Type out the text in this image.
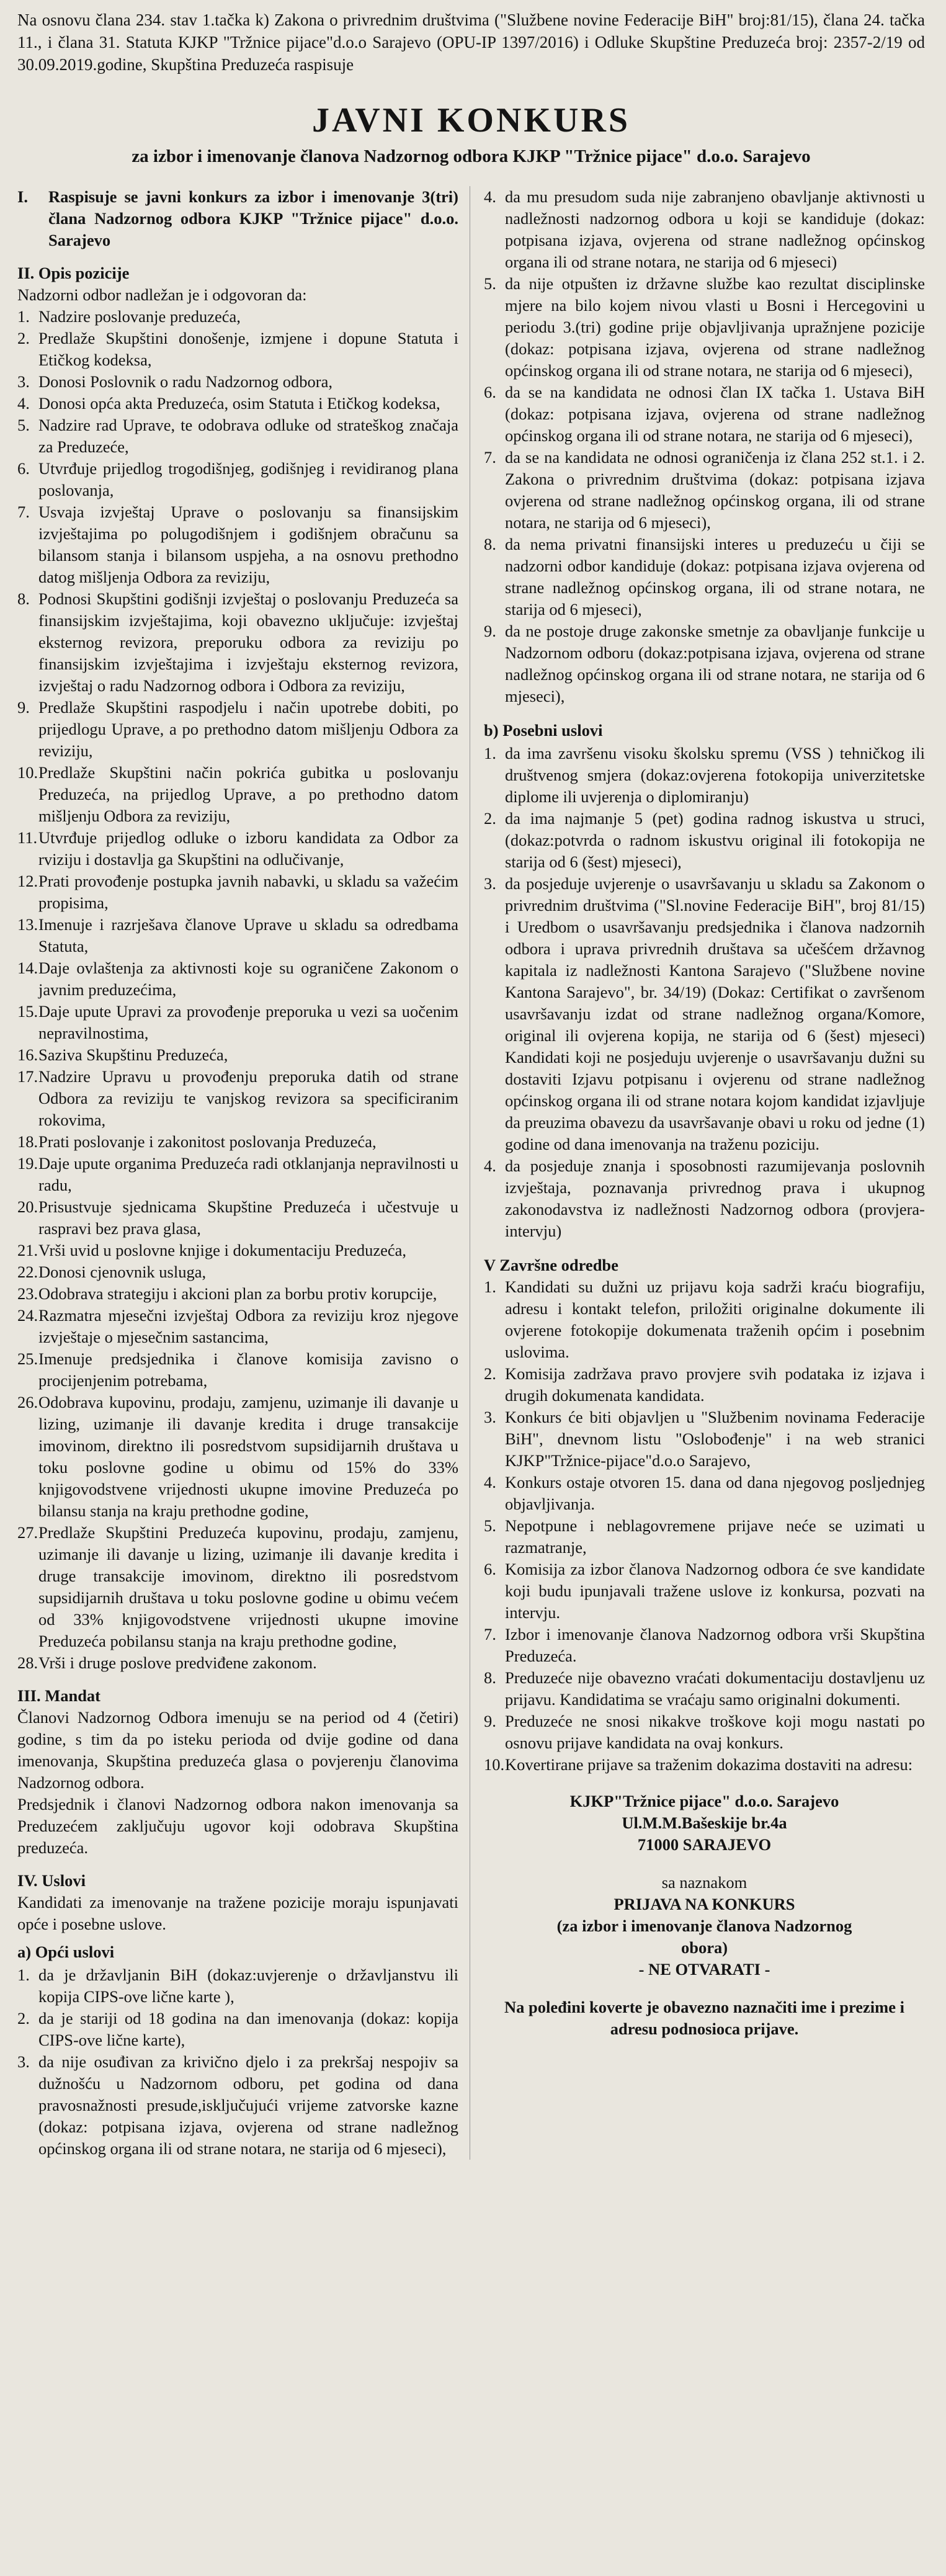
Na osnovu člana 234. stav 1.tačka k) Zakona o privrednim društvima ("Službene novine Federacije BiH" broj:81/15), člana 24. tačka 11., i člana 31. Statuta KJKP "Tržnice pijace"d.o.o Sarajevo (OPU-IP 1397/2016) i Odluke Skupštine Preduzeća broj: 2357-2/19 od 30.09.2019.godine, Skupština Preduzeća raspisuje

JAVNI KONKURS

za izbor i imenovanje članova Nadzornog odbora KJKP "Tržnice pijace" d.o.o. Sarajevo

I.	Raspisuje se javni konkurs za izbor i imenovanje 3(tri) člana Nadzornog odbora KJKP "Tržnice pijace" d.o.o. Sarajevo
II. Opis pozicije
Nadzorni odbor nadležan je i odgovoran da:
1. Nadzire poslovanje preduzeća,
2. Predlaže Skupštini donošenje, izmjene i dopune Statuta i Etičkog kodeksa,
3. Donosi Poslovnik o radu Nadzornog odbora,
4. Donosi opća akta Preduzeća, osim Statuta i Etičkog kodeksa,
5. Nadzire rad Uprave, te odobrava odluke od strateškog značaja za Preduzeće,
6. Utvrđuje prijedlog trogodišnjeg, godišnjeg i revidiranog plana poslovanja,
7. Usvaja izvještaj Uprave o poslovanju sa finansijskim izvještajima po polugodišnjem i godišnjem obračunu sa bilansom stanja i bilansom uspjeha, a na osnovu prethodno datog mišljenja Odbora za reviziju,
8. Podnosi Skupštini godišnji izvještaj o poslovanju Preduzeća sa finansijskim izvještajima, koji obavezno uključuje: izvještaj eksternog revizora, preporuku odbora za reviziju po finansijskim izvještajima i izvještaju eksternog revizora, izvještaj o radu Nadzornog odbora i Odbora za reviziju,
9. Predlaže Skupštini raspodjelu i način upotrebe dobiti, po prijedlogu Uprave, a po prethodno datom mišljenju Odbora za reviziju,
10. Predlaže Skupštini način pokrića gubitka u poslovanju Preduzeća, na prijedlog Uprave, a po prethodno datom mišljenju Odbora za reviziju,
11. Utvrđuje prijedlog odluke o izboru kandidata za Odbor za rviziju i dostavlja ga Skupštini na odlučivanje,
12. Prati provođenje postupka javnih nabavki, u skladu sa važećim propisima,
13. Imenuje i razrješava članove Uprave u skladu sa odredbama Statuta,
14. Daje ovlaštenja za aktivnosti koje su ograničene Zakonom o javnim preduzećima,
15. Daje upute Upravi za provođenje preporuka u vezi sa uočenim nepravilnostima,
16. Saziva Skupštinu Preduzeća,
17. Nadzire Upravu u provođenju preporuka datih od strane Odbora za reviziju te vanjskog revizora sa specificiranim rokovima,
18. Prati poslovanje i zakonitost poslovanja Preduzeća,
19. Daje upute organima Preduzeća radi otklanjanja nepravilnosti u radu,
20. Prisustvuje sjednicama Skupštine Preduzeća i učestvuje u raspravi bez prava glasa,
21. Vrši uvid u poslovne knjige i dokumentaciju Preduzeća,
22. Donosi cjenovnik usluga,
23. Odobrava strategiju i akcioni plan za borbu protiv korupcije,
24. Razmatra mjesečni izvještaj Odbora za reviziju kroz njegove izvještaje o mjesečnim sastancima,
25. Imenuje predsjednika i članove komisija zavisno o procijenjenim potrebama,
26. Odobrava kupovinu, prodaju, zamjenu, uzimanje ili davanje u lizing, uzimanje ili davanje kredita i druge transakcije imovinom, direktno ili posredstvom supsidijarnih društava u toku poslovne godine u obimu od 15% do 33% knjigovodstvene vrijednosti ukupne imovine Preduzeća po bilansu stanja na kraju prethodne godine,
27. Predlaže Skupštini Preduzeća kupovinu, prodaju, zamjenu, uzimanje ili davanje u lizing, uzimanje ili davanje kredita i druge transakcije imovinom, direktno ili posredstvom supsidijarnih društava u toku poslovne godine u obimu većem od 33% knjigovodstvene vrijednosti ukupne imovine Preduzeća pobilansu stanja na kraju prethodne godine,
28. Vrši i druge poslove predviđene zakonom.
III. Mandat
Članovi Nadzornog Odbora imenuju se na period od 4 (četiri) godine, s tim da po isteku perioda od dvije godine od dana imenovanja, Skupština preduzeća glasa o povjerenju članovima Nadzornog odbora.
Predsjednik i članovi Nadzornog odbora nakon imenovanja sa Preduzećem zaključuju ugovor koji odobrava Skupština preduzeća.
IV. Uslovi
Kandidati za imenovanje na tražene pozicije moraju ispunjavati opće i posebne uslove.
a) Opći uslovi
1. da je državljanin BiH (dokaz:uvjerenje o državljanstvu ili kopija CIPS-ove lične karte ),
2. da je stariji od 18 godina na dan imenovanja (dokaz: kopija CIPS-ove lične karte),
3. da nije osuđivan za krivično djelo i za prekršaj nespojiv sa dužnošću u Nadzornom odboru, pet godina od dana pravosnažnosti presude,isključujući vrijeme zatvorske kazne (dokaz: potpisana izjava, ovjerena od strane nadležnog općinskog organa ili od strane notara, ne starija od 6 mjeseci),
4. da mu presudom suda nije zabranjeno obavljanje aktivnosti u nadležnosti nadzornog odbora u koji se kandiduje (dokaz: potpisana izjava, ovjerena od strane nadležnog općinskog organa ili od strane notara, ne starija od 6 mjeseci)
5. da nije otpušten iz državne službe kao rezultat disciplinske mjere na bilo kojem nivou vlasti u Bosni i Hercegovini u periodu 3.(tri) godine prije objavljivanja upražnjene pozicije (dokaz: potpisana izjava, ovjerena od strane nadležnog općinskog organa ili od strane notara, ne starija od 6 mjeseci),
6. da se na kandidata ne odnosi član IX tačka 1. Ustava BiH (dokaz: potpisana izjava, ovjerena od strane nadležnog općinskog organa ili od strane notara, ne starija od 6 mjeseci),
7. da se na kandidata ne odnosi ograničenja iz člana 252 st.1. i 2. Zakona o privrednim društvima (dokaz: potpisana izjava ovjerena od strane nadležnog općinskog organa, ili od strane notara, ne starija od 6 mjeseci),
8. da nema privatni finansijski interes u preduzeću u čiji se nadzorni odbor kandiduje (dokaz: potpisana izjava ovjerena od strane nadležnog općinskog organa, ili od strane notara, ne starija od 6 mjeseci),
9. da ne postoje druge zakonske smetnje za obavljanje funkcije u Nadzornom odboru (dokaz:potpisana izjava, ovjerena od strane nadležnog općinskog organa ili od strane notara, ne starija od 6 mjeseci),
b) Posebni uslovi
1. da ima završenu visoku školsku spremu (VSS ) tehničkog ili društvenog smjera (dokaz:ovjerena fotokopija univerzitetske diplome ili uvjerenja o diplomiranju)
2. da ima najmanje 5 (pet) godina radnog iskustva u struci, (dokaz:potvrda o radnom iskustvu original ili fotokopija ne starija od 6 (šest) mjeseci),
3. da posjeduje uvjerenje o usavršavanju u skladu sa Zakonom o privrednim društvima ("Sl.novine Federacije BiH", broj 81/15) i Uredbom o usavršavanju predsjednika i članova nadzornih odbora i uprava privrednih društava sa učešćem državnog kapitala iz nadležnosti Kantona Sarajevo ("Službene novine Kantona Sarajevo", br. 34/19) (Dokaz: Certifikat o završenom usavršavanju izdat od strane nadležnog organa/Komore, original ili ovjerena kopija, ne starija od 6 (šest) mjeseci) Kandidati koji ne posjeduju uvjerenje o usavršavanju dužni su dostaviti Izjavu potpisanu i ovjerenu od strane nadležnog općinskog organa ili od strane notara kojom kandidat izjavljuje da preuzima obavezu da usavršavanje obavi u roku od jedne (1) godine od dana imenovanja na traženu poziciju.
4. da posjeduje znanja i sposobnosti razumijevanja poslovnih izvještaja, poznavanja privrednog prava i ukupnog zakonodavstva iz nadležnosti Nadzornog odbora (provjera-intervju)
V Završne odredbe
1. Kandidati su dužni uz prijavu koja sadrži kraću biografiju, adresu i kontakt telefon, priložiti originalne dokumente ili ovjerene fotokopije dokumenata traženih općim i posebnim uslovima.
2. Komisija zadržava pravo provjere svih podataka iz izjava i drugih dokumenata kandidata.
3. Konkurs će biti objavljen u "Službenim novinama Federacije BiH", dnevnom listu "Oslobođenje" i na web stranici KJKP"Tržnice-pijace"d.o.o Sarajevo,
4. Konkurs ostaje otvoren 15. dana od dana njegovog posljednjeg objavljivanja.
5. Nepotpune i neblagovremene prijave neće se uzimati u razmatranje,
6. Komisija za izbor članova Nadzornog odbora će sve kandidate koji budu ipunjavali tražene uslove iz konkursa, pozvati na intervju.
7. Izbor i imenovanje članova Nadzornog odbora vrši Skupština Preduzeća.
8. Preduzeće nije obavezno vraćati dokumentaciju dostavljenu uz prijavu. Kandidatima se vraćaju samo originalni dokumenti.
9. Preduzeće ne snosi nikakve troškove koji mogu nastati po osnovu prijave kandidata na ovaj konkurs.
10. Kovertirane prijave sa traženim dokazima dostaviti na adresu:
KJKP"Tržnice pijace" d.o.o. Sarajevo
Ul.M.M.Bašeskije br.4a
71000 SARAJEVO
sa naznakom
PRIJAVA NA KONKURS
(za izbor i imenovanje članova Nadzornog
obora)
- NE OTVARATI -
Na poleđini koverte je obavezno naznačiti ime i prezime i adresu podnosioca prijave.
